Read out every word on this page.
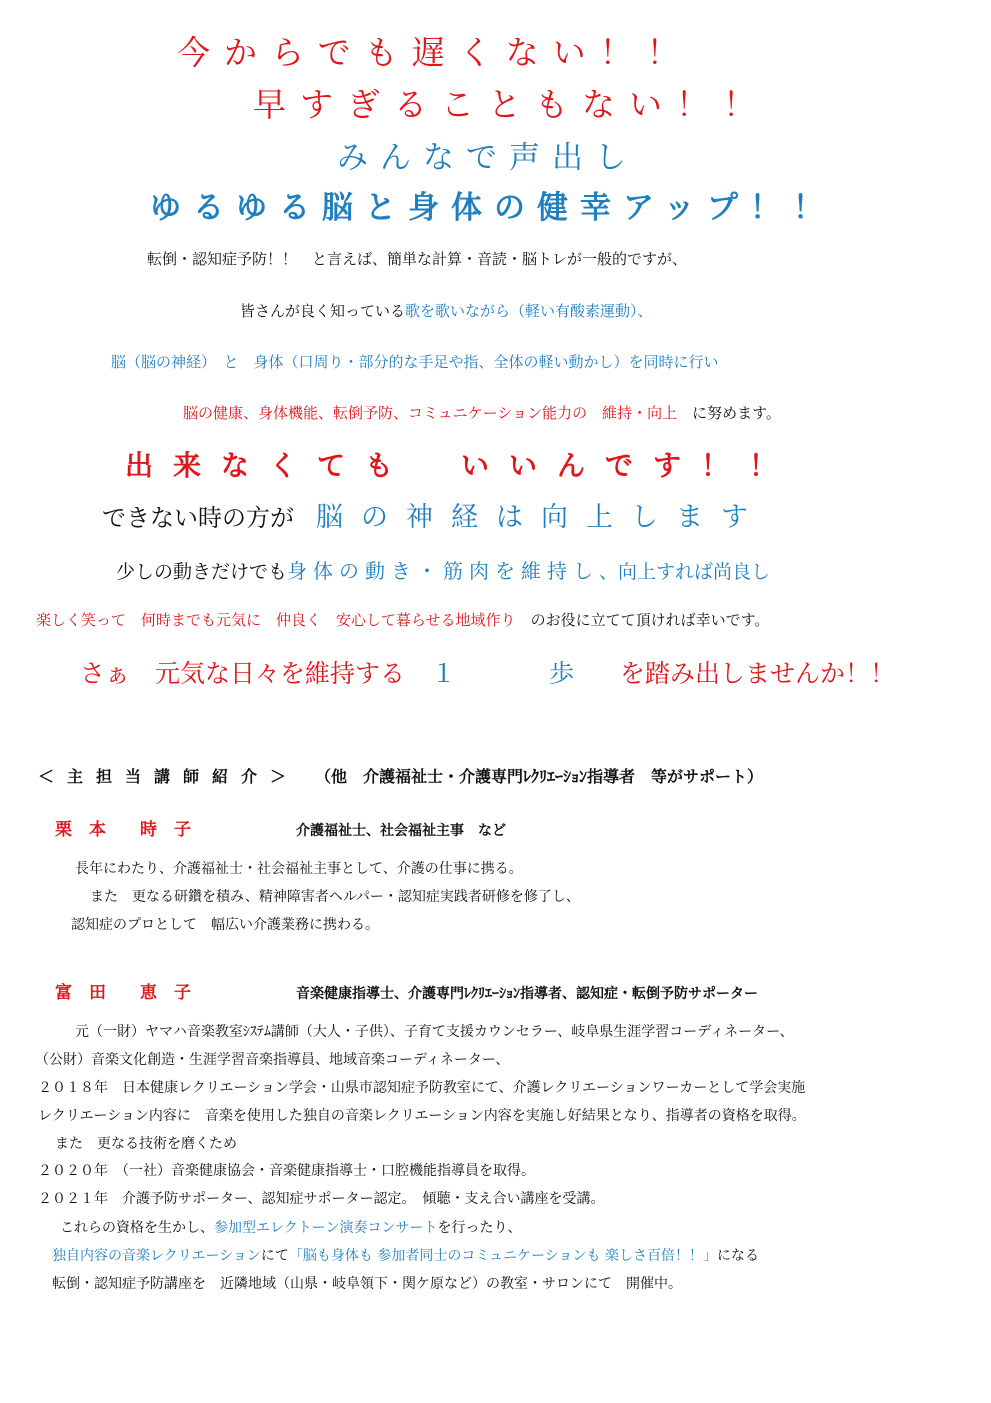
今からでも遅くない！！
早すぎることもない！！
みんなで声出し
ゆるゆる脳と身体の健幸アップ！！
転倒・認知症予防！！　と言えば、簡単な計算・音読・脳トレが一般的ですが、
皆さんが良く知っている歌を歌いながら（軽い有酸素運動）、
脳（脳の神経）　と　身体（口周り・部分的な手足や指、全体の軽い動かし）を同時に行い
脳の健康、身体機能、転倒予防、コミュニケーション能力の　維持・向上　に努めます。
出来なくても　いいんです！！
できない時の方が 脳の神経は向上します
少しの動きだけでも身体の動き・筋肉を維持し、向上すれば尚良し
楽しく笑って　何時までも元気に　仲良く　安心して暮らせる地域作り　のお役に立てて頂ければ幸いです。
さぁ　元気な日々を維持する １　 歩 を踏み出しませんか！！
＜主担当講師紹介＞ （他　介護福祉士・介護専門ﾚｸﾘｴｰｼｮﾝ指導者　等がサポート）
栗　本　　時　子	介護福祉士、社会福祉主事　など
長年にわたり、介護福祉士・社会福祉主事として、介護の仕事に携る。
また　更なる研鑽を積み、精神障害者ヘルパー・認知症実践者研修を修了し、
認知症のプロとして　幅広い介護業務に携わる。
富　田　　恵　子	音楽健康指導士、介護専門ﾚｸﾘｴｰｼｮﾝ指導者、認知症・転倒予防サポーター
元（一財）ヤマハ音楽教室ｼｽﾃﾑ講師（大人・子供）、子育て支援カウンセラー、岐阜県生涯学習コーディネーター、
（公財）音楽文化創造・生涯学習音楽指導員、地域音楽コーディネーター、
２０１８年　日本健康レクリエーション学会・山県市認知症予防教室にて、介護レクリエーションワーカーとして学会実施
レクリエーション内容に　音楽を使用した独自の音楽レクリエーション内容を実施し好結果となり、指導者の資格を取得。
また　更なる技術を磨くため
２０２０年　（一社）音楽健康協会・音楽健康指導士・口腔機能指導員を取得。
２０２１年　介護予防サポーター、認知症サポーター認定。　傾聴・支え合い講座を受講。
これらの資格を生かし、参加型エレクトーン演奏コンサートを行ったり、
独自内容の音楽レクリエーションにて「脳も身体も 参加者同士のコミュニケーションも 楽しさ百倍！！」になる
転倒・認知症予防講座を　近隣地域（山県・岐阜領下・関ケ原など）の教室・サロンにて　開催中。
